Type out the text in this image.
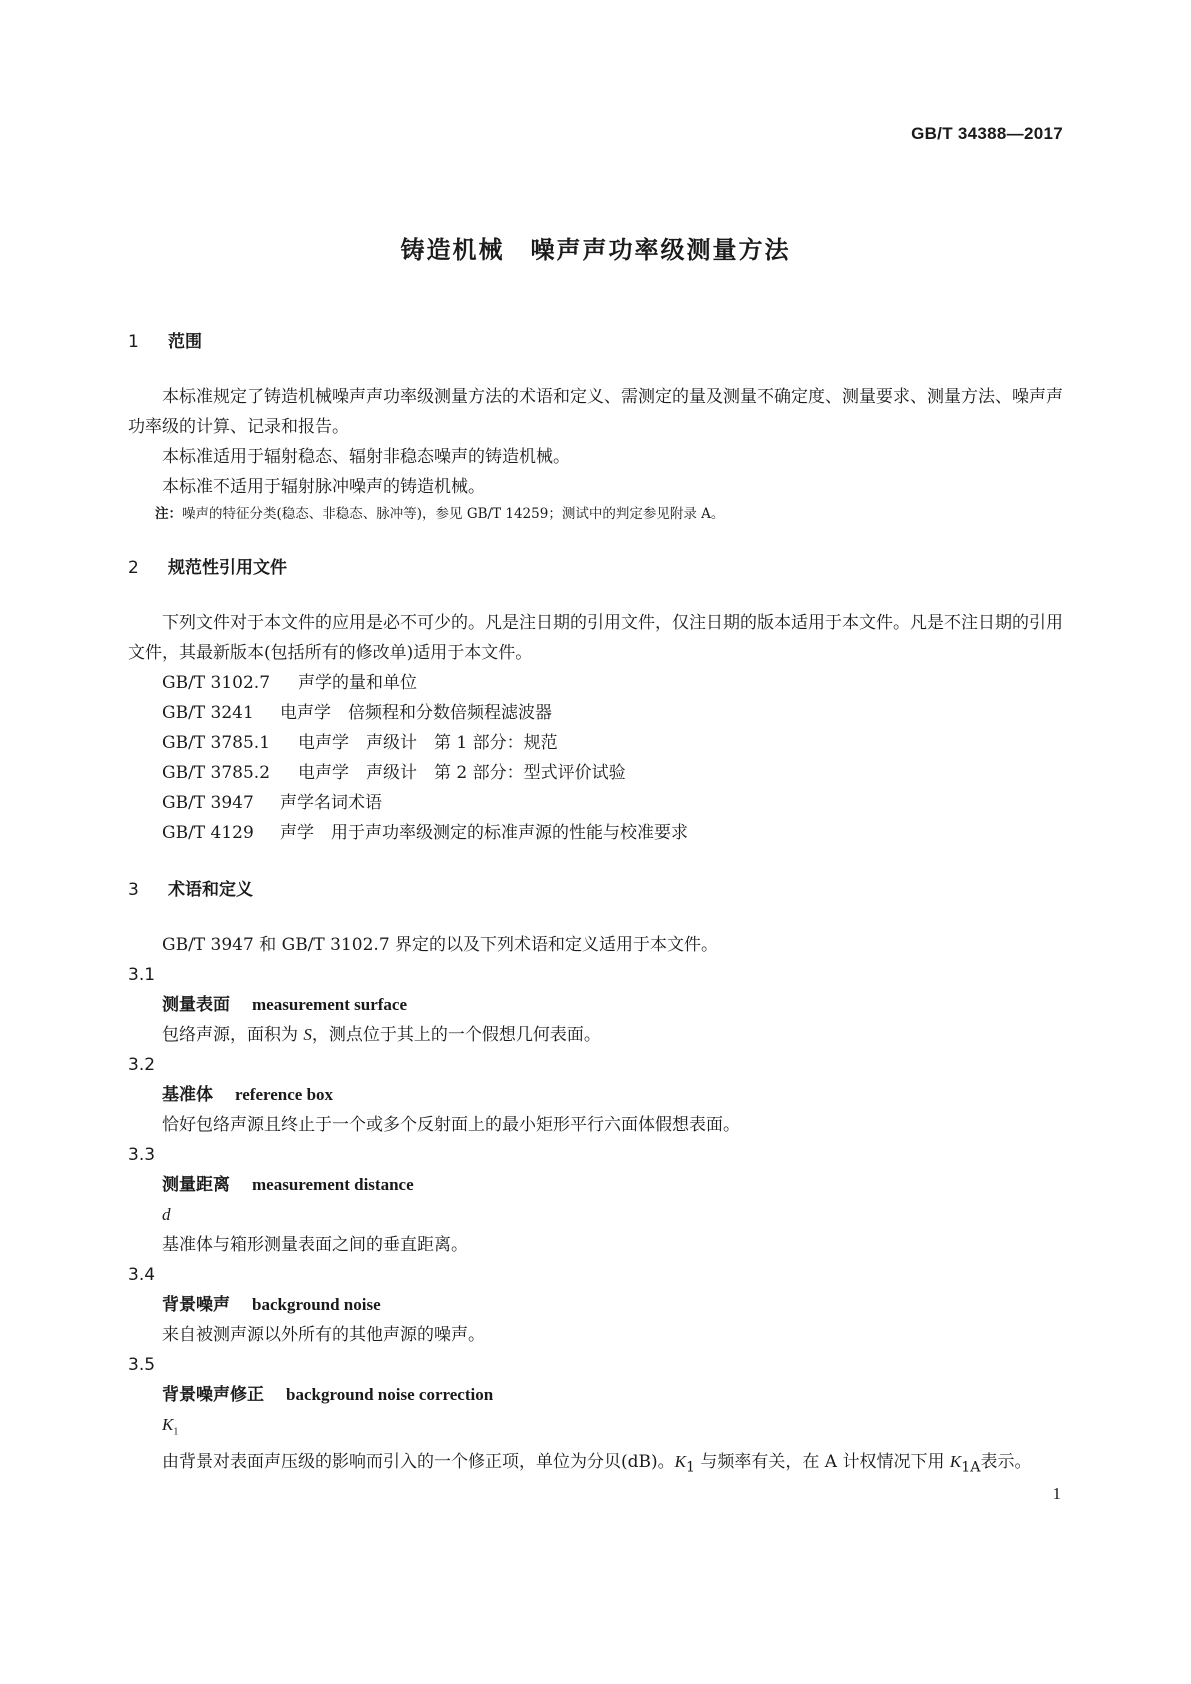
GB/T 34388—2017
铸造机械　噪声声功率级测量方法
1	范围
本标准规定了铸造机械噪声声功率级测量方法的术语和定义、需测定的量及测量不确定度、测量要求、测量方法、噪声声功率级的计算、记录和报告。
本标准适用于辐射稳态、辐射非稳态噪声的铸造机械。
本标准不适用于辐射脉冲噪声的铸造机械。
注：噪声的特征分类(稳态、非稳态、脉冲等)，参见 GB/T 14259；测试中的判定参见附录 A。
2	规范性引用文件
下列文件对于本文件的应用是必不可少的。凡是注日期的引用文件，仅注日期的版本适用于本文件。凡是不注日期的引用文件，其最新版本(包括所有的修改单)适用于本文件。
GB/T 3102.7	声学的量和单位
GB/T 3241	电声学　倍频程和分数倍频程滤波器
GB/T 3785.1	电声学　声级计　第 1 部分：规范
GB/T 3785.2	电声学　声级计　第 2 部分：型式评价试验
GB/T 3947	声学名词术语
GB/T 4129	声学　用于声功率级测定的标准声源的性能与校准要求
3	术语和定义
GB/T 3947 和 GB/T 3102.7 界定的以及下列术语和定义适用于本文件。
3.1
测量表面 measurement surface
包络声源，面积为 S，测点位于其上的一个假想几何表面。
3.2
基准体 reference box
恰好包络声源且终止于一个或多个反射面上的最小矩形平行六面体假想表面。
3.3
测量距离 measurement distance
d
基准体与箱形测量表面之间的垂直距离。
3.4
背景噪声 background noise
来自被测声源以外所有的其他声源的噪声。
3.5
背景噪声修正 background noise correction
$K_1$
由背景对表面声压级的影响而引入的一个修正项，单位为分贝(dB)。$K_1$ 与频率有关，在 A 计权情况下用 $K_{1A}$表示。
1
